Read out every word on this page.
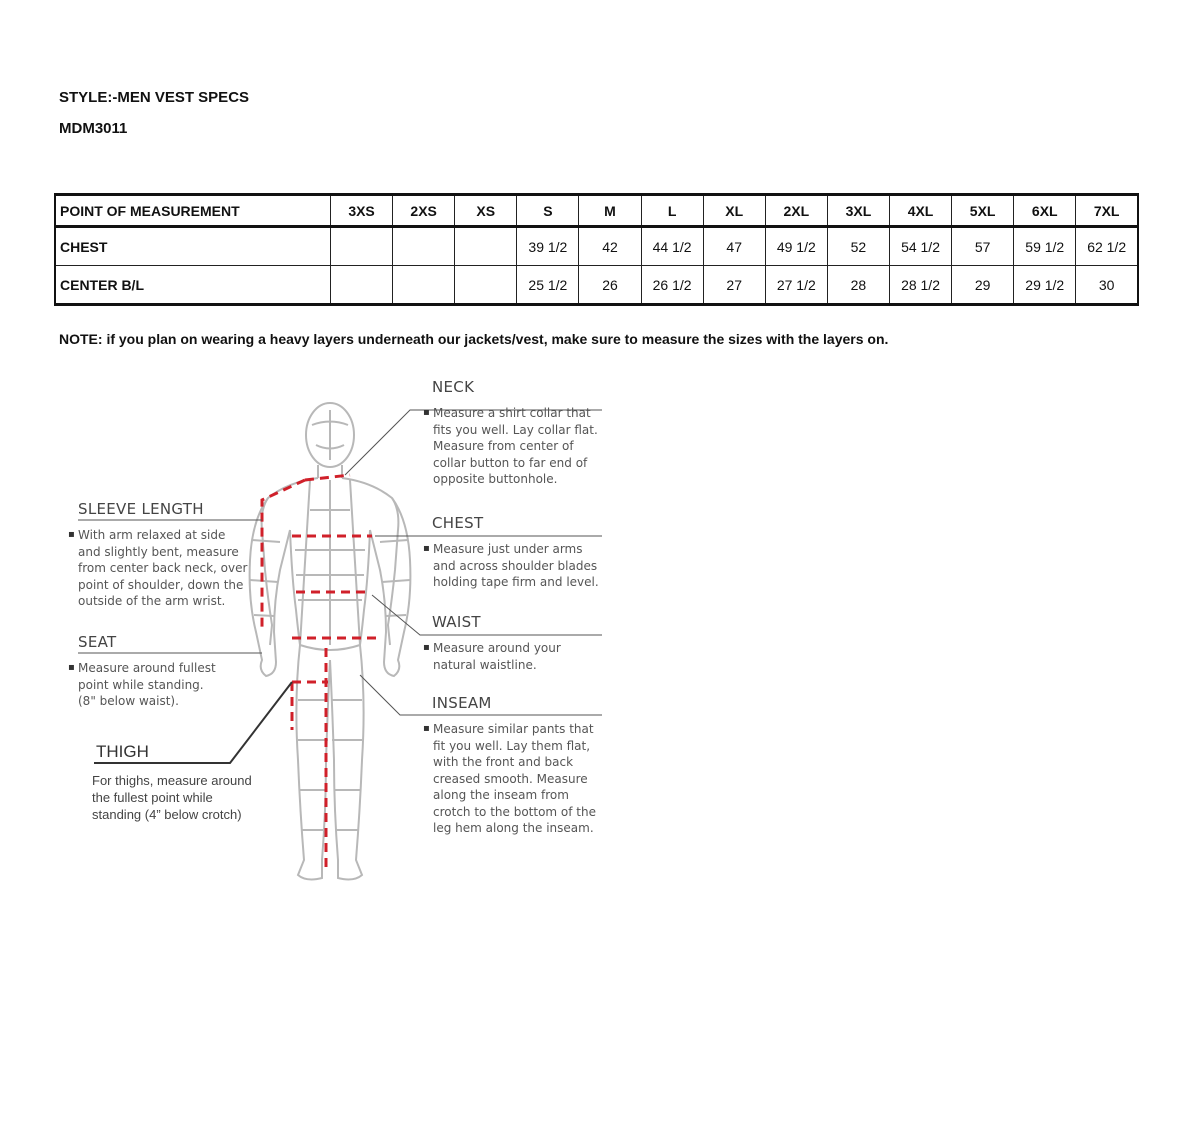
STYLE:-MEN VEST SPECS
MDM3011
POINT OF MEASUREMENT	3XS	2XS	XS	S	M	L	XL	2XL	3XL	4XL	5XL	6XL	7XL
CHEST				39 1/2	42	44 1/2	47	49 1/2	52	54 1/2	57	59 1/2	62 1/2
CENTER B/L				25 1/2	26	26 1/2	27	27 1/2	28	28 1/2	29	29 1/2	30
NOTE: if you plan on wearing a heavy layers underneath our jackets/vest, make sure to measure the sizes with the layers on.
NECK
▪ Measure a shirt collar that
fits you well. Lay collar flat.
Measure from center of
collar button to far end of
opposite buttonhole.
CHEST
▪ Measure just under arms
and across shoulder blades
holding tape firm and level.
WAIST
▪ Measure around your
natural waistline.
INSEAM
▪ Measure similar pants that
fit you well. Lay them flat,
with the front and back
creased smooth. Measure
along the inseam from
crotch to the bottom of the
leg hem along the inseam.
SLEEVE LENGTH
▪ With arm relaxed at side
and slightly bent, measure
from center back neck, over
point of shoulder, down the
outside of the arm wrist.
SEAT
▪ Measure around fullest
point while standing.
(8" below waist).
THIGH
For thighs, measure around
the fullest point while
standing (4” below crotch)
